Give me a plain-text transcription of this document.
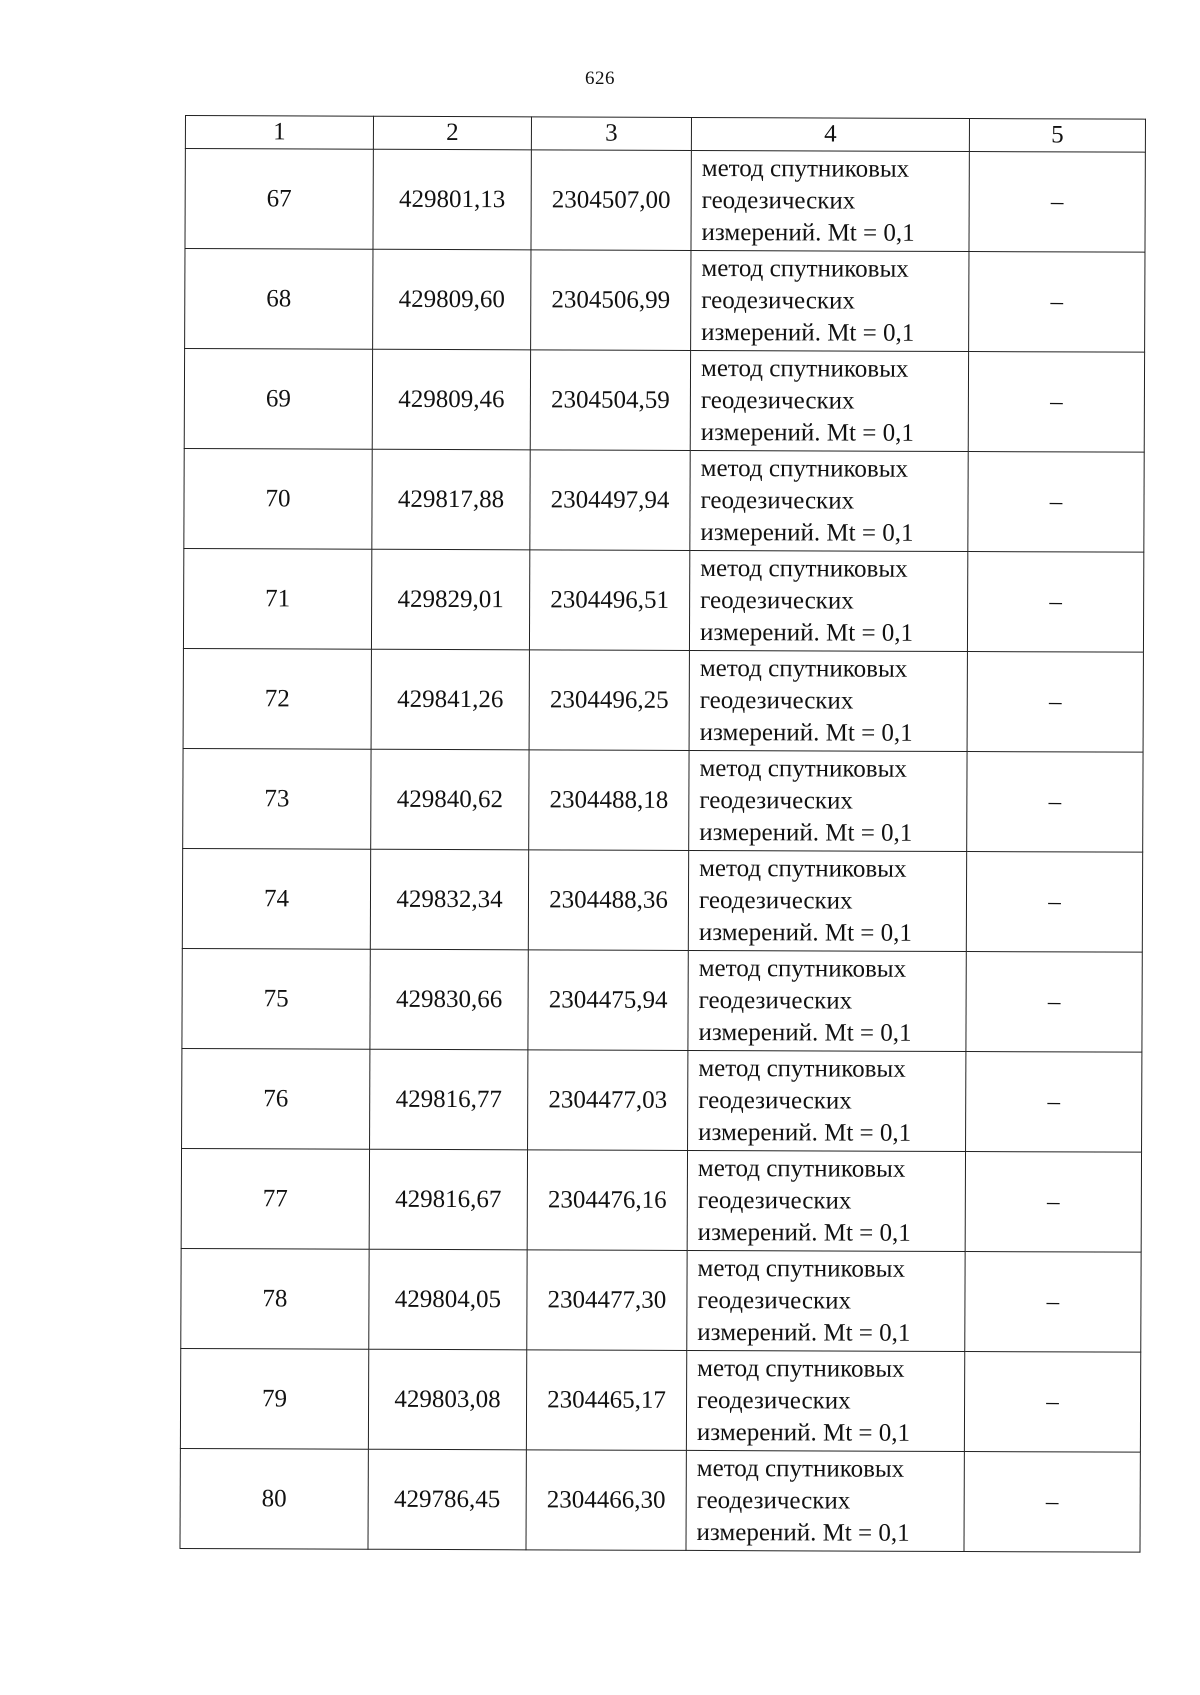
626
1	2	3	4	5
67	429801,13	2304507,00	метод спутниковых
геодезических
измерений. Mt = 0,1	–
68	429809,60	2304506,99	метод спутниковых
геодезических
измерений. Mt = 0,1	–
69	429809,46	2304504,59	метод спутниковых
геодезических
измерений. Mt = 0,1	–
70	429817,88	2304497,94	метод спутниковых
геодезических
измерений. Mt = 0,1	–
71	429829,01	2304496,51	метод спутниковых
геодезических
измерений. Mt = 0,1	–
72	429841,26	2304496,25	метод спутниковых
геодезических
измерений. Mt = 0,1	–
73	429840,62	2304488,18	метод спутниковых
геодезических
измерений. Mt = 0,1	–
74	429832,34	2304488,36	метод спутниковых
геодезических
измерений. Mt = 0,1	–
75	429830,66	2304475,94	метод спутниковых
геодезических
измерений. Mt = 0,1	–
76	429816,77	2304477,03	метод спутниковых
геодезических
измерений. Mt = 0,1	–
77	429816,67	2304476,16	метод спутниковых
геодезических
измерений. Mt = 0,1	–
78	429804,05	2304477,30	метод спутниковых
геодезических
измерений. Mt = 0,1	–
79	429803,08	2304465,17	метод спутниковых
геодезических
измерений. Mt = 0,1	–
80	429786,45	2304466,30	метод спутниковых
геодезических
измерений. Mt = 0,1	–
